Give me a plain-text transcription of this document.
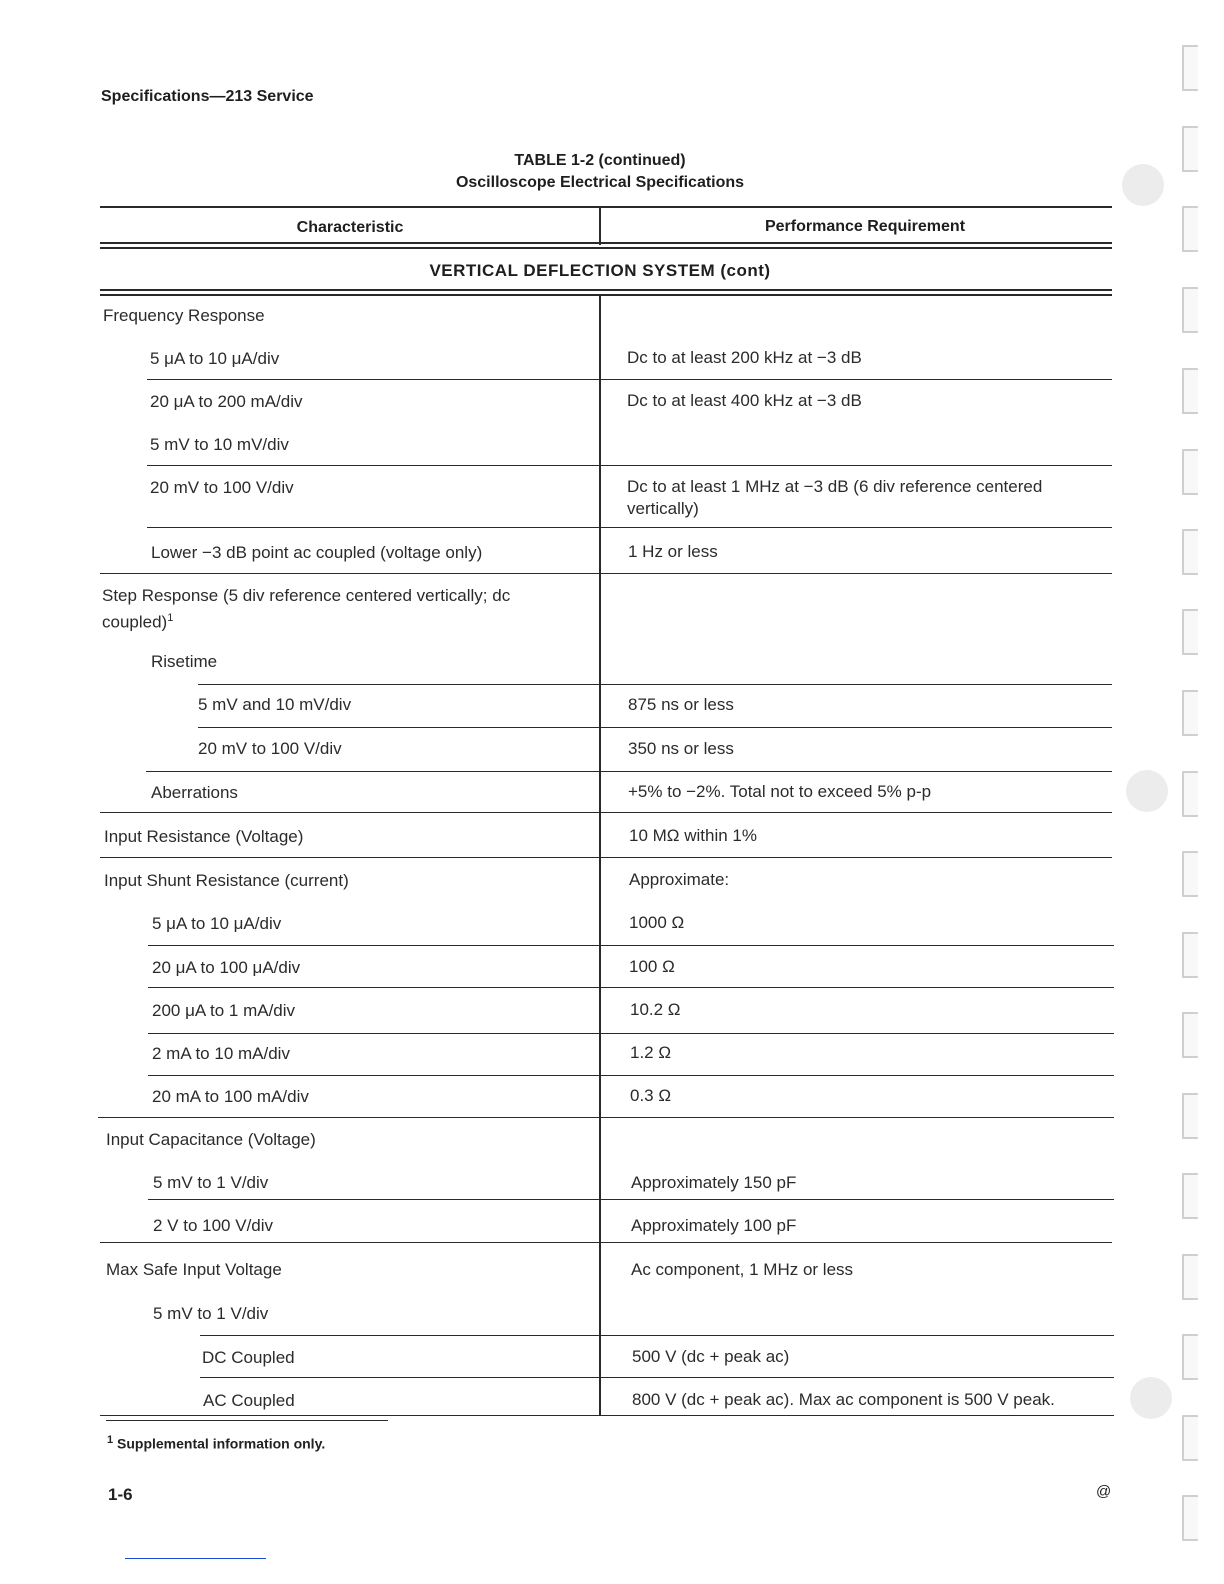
Specifications—213 Service
TABLE 1-2 (continued)
Oscilloscope Electrical Specifications
Characteristic	Performance Requirement
VERTICAL DEFLECTION SYSTEM (cont)
Frequency Response
5 μA to 10 μA/div	Dc to at least 200 kHz at −3 dB
20 μA to 200 mA/div	Dc to at least 400 kHz at −3 dB
5 mV to 10 mV/div
20 mV to 100 V/div	Dc to at least 1 MHz at −3 dB (6 div reference centered vertically)
Lower −3 dB point ac coupled (voltage only)	1 Hz or less
Step Response (5 div reference centered vertically; dc coupled)$^1$
Risetime
5 mV and 10 mV/div	875 ns or less
20 mV to 100 V/div	350 ns or less
Aberrations	+5% to −2%. Total not to exceed 5% p-p
Input Resistance (Voltage)	10 MΩ within 1%
Input Shunt Resistance (current)	Approximate:
5 μA to 10 μA/div	1000 Ω
20 μA to 100 μA/div	100 Ω
200 μA to 1 mA/div	10.2 Ω
2 mA to 10 mA/div	1.2 Ω
20 mA to 100 mA/div	0.3 Ω
Input Capacitance (Voltage)
5 mV to 1 V/div	Approximately 150 pF
2 V to 100 V/div	Approximately 100 pF
Max Safe Input Voltage	Ac component, 1 MHz or less
5 mV to 1 V/div
DC Coupled	500 V (dc + peak ac)
AC Coupled	800 V (dc + peak ac). Max ac component is 500 V peak.
$^1$ Supplemental information only.
1-6	@
